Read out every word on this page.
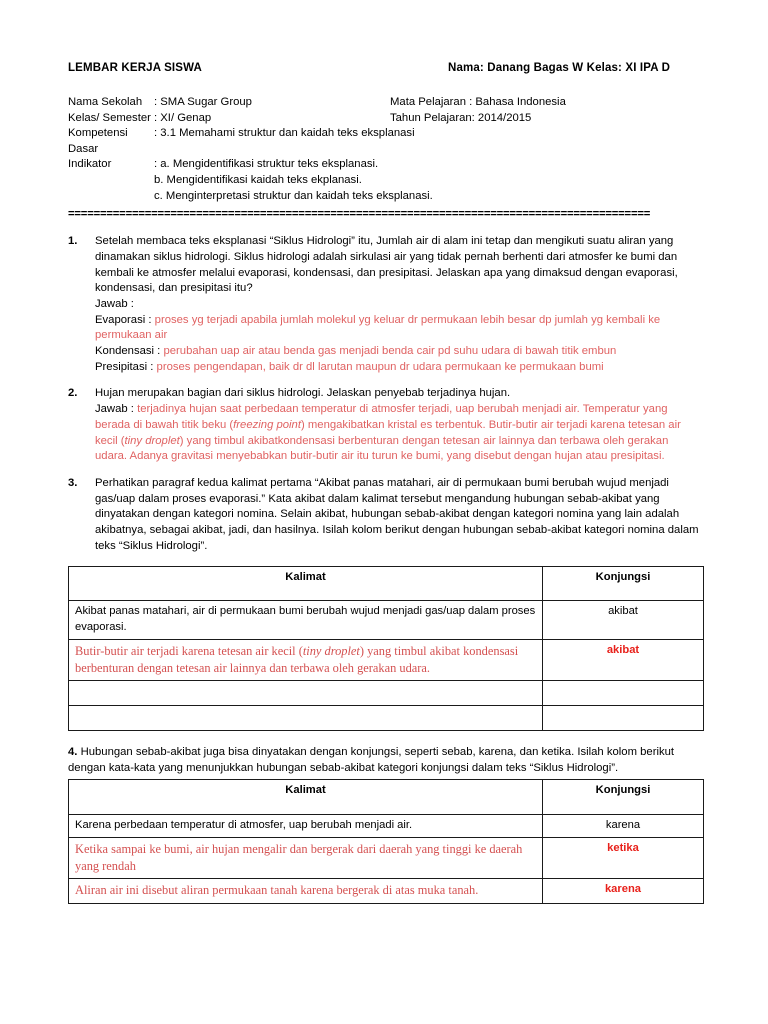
LEMBAR KERJA SISWA	Nama: Danang Bagas W Kelas: XI IPA D
Nama Sekolah	: SMA Sugar Group	Mata Pelajaran : Bahasa Indonesia
Kelas/ Semester : XI/ Genap	Tahun Pelajaran: 2014/2015
Kompetensi Dasar
: 3.1 Memahami struktur dan kaidah teks eksplanasi
Indikator	: a. Mengidentifikasi struktur teks eksplanasi.
b. Mengidentifikasi kaidah teks ekplanasi.
c. Menginterpretasi struktur dan kaidah teks eksplanasi.
===========================================================================================
1.	Setelah membaca teks eksplanasi “Siklus Hidrologi” itu, Jumlah air di alam ini tetap dan mengikuti suatu aliran yang dinamakan siklus hidrologi. Siklus hidrologi adalah sirkulasi air yang tidak pernah berhenti dari atmosfer ke bumi dan kembali ke atmosfer melalui evaporasi, kondensasi, dan presipitasi. Jelaskan apa yang dimaksud dengan evaporasi, kondensasi, dan presipitasi itu?

Jawab :

Evaporasi : proses yg terjadi apabila jumlah molekul yg keluar dr permukaan lebih besar dp jumlah yg kembali ke permukaan air

Kondensasi : perubahan uap air atau benda gas menjadi benda cair pd suhu udara di bawah titik embun

Presipitasi : proses pengendapan, baik dr dl larutan maupun dr udara permukaan ke permukaan bumi

2.	Hujan merupakan bagian dari siklus hidrologi. Jelaskan penyebab terjadinya hujan.

Jawab : terjadinya hujan saat perbedaan temperatur di atmosfer terjadi, uap berubah menjadi air. Temperatur yang berada di bawah titik beku (freezing point) mengakibatkan kristal es terbentuk. Butir-butir air terjadi karena tetesan air kecil (tiny droplet) yang timbul akibatkondensasi berbenturan dengan tetesan air lainnya dan terbawa oleh gerakan udara. Adanya gravitasi menyebabkan butir-butir air itu turun ke bumi, yang disebut dengan hujan atau presipitasi.

3.	Perhatikan paragraf kedua kalimat pertama “Akibat panas matahari, air di permukaan bumi berubah wujud menjadi gas/uap dalam proses evaporasi.” Kata akibat dalam kalimat tersebut mengandung hubungan sebab-akibat yang dinyatakan dengan kategori nomina. Selain akibat, hubungan sebab-akibat dengan kategori nomina yang lain adalah akibatnya, sebagai akibat, jadi, dan hasilnya. Isilah kolom berikut dengan hubungan sebab-akibat kategori nomina dalam teks “Siklus Hidrologi”.

Kalimat	Konjungsi
Akibat panas matahari, air di permukaan bumi berubah wujud menjadi gas/uap dalam proses evaporasi.	akibat
Butir-butir air terjadi karena tetesan air kecil (tiny droplet) yang timbul akibat kondensasi berbenturan dengan tetesan air lainnya dan terbawa oleh gerakan udara.	akibat

4. Hubungan sebab-akibat juga bisa dinyatakan dengan konjungsi, seperti sebab, karena, dan ketika. Isilah kolom berikut dengan kata-kata yang menunjukkan hubungan sebab-akibat kategori konjungsi dalam teks “Siklus Hidrologi”.
Kalimat	Konjungsi
Karena perbedaan temperatur di atmosfer, uap berubah menjadi air.	karena
Ketika sampai ke bumi, air hujan mengalir dan bergerak dari daerah yang tinggi ke daerah yang rendah	ketika
Aliran air ini disebut aliran permukaan tanah karena bergerak di atas muka tanah.	karena
